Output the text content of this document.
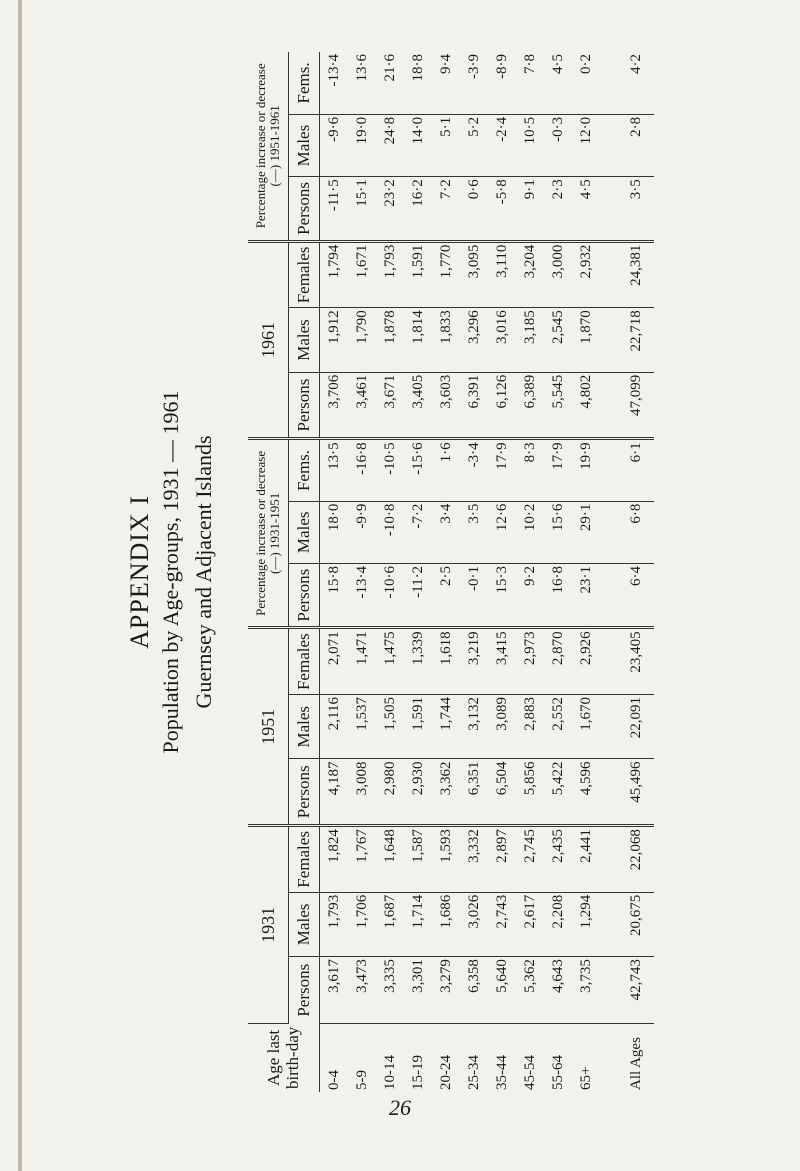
APPENDIX I Population by Age-groups, 1931 — 1961 Guernsey and Adjacent Islands
Age last birth-day	1931			1951			Percentage increase or decrease (—) 1931-1951			1961			Percentage increase or decrease (—) 1951-1961		
	Persons	Males	Females	Persons	Males	Females	Persons	Males	Fems.	Persons	Males	Females	Persons	Males	Fems.
0-4	3,617	1,793	1,824	4,187	2,116	2,071	15·8	18·0	13·5	3,706	1,912	1,794	-11·5	-9·6	-13·4
5-9	3,473	1,706	1,767	3,008	1,537	1,471	-13·4	-9·9	-16·8	3,461	1,790	1,671	15·1	19·0	13·6
10-14	3,335	1,687	1,648	2,980	1,505	1,475	-10·6	-10·8	-10·5	3,671	1,878	1,793	23·2	24·8	21·6
15-19	3,301	1,714	1,587	2,930	1,591	1,339	-11·2	-7·2	-15·6	3,405	1,814	1,591	16·2	14·0	18·8
20-24	3,279	1,686	1,593	3,362	1,744	1,618	2·5	3·4	1·6	3,603	1,833	1,770	7·2	5·1	9·4
25-34	6,358	3,026	3,332	6,351	3,132	3,219	-0·1	3·5	-3·4	6,391	3,296	3,095	0·6	5·2	-3·9
35-44	5,640	2,743	2,897	6,504	3,089	3,415	15·3	12·6	17·9	6,126	3,016	3,110	-5·8	-2·4	-8·9
45-54	5,362	2,617	2,745	5,856	2,883	2,973	9·2	10·2	8·3	6,389	3,185	3,204	9·1	10·5	7·8
55-64	4,643	2,208	2,435	5,422	2,552	2,870	16·8	15·6	17·9	5,545	2,545	3,000	2·3	-0·3	4·5
65+	3,735	1,294	2,441	4,596	1,670	2,926	23·1	29·1	19·9	4,802	1,870	2,932	4·5	12·0	0·2
All Ages	42,743	20,675	22,068	45,496	22,091	23,405	6·4	6·8	6·1	47,099	22,718	24,381	3·5	2·8	4·2
26
